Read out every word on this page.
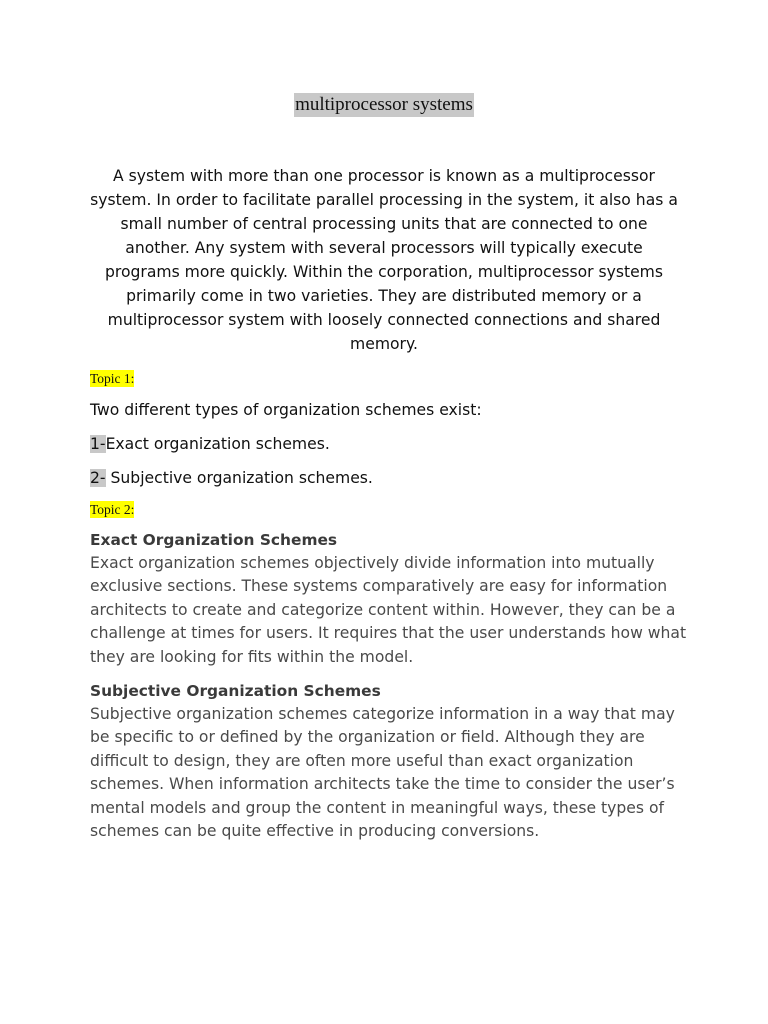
multiprocessor systems

A system with more than one processor is known as a multiprocessor system. In order to facilitate parallel processing in the system, it also has a small number of central processing units that are connected to one another. Any system with several processors will typically execute programs more quickly. Within the corporation, multiprocessor systems primarily come in two varieties. They are distributed memory or a multiprocessor system with loosely connected connections and shared memory.

Topic 1:

Two different types of organization schemes exist:

1-Exact organization schemes.

2- Subjective organization schemes.

Topic 2:

Exact Organization Schemes

Exact organization schemes objectively divide information into mutually exclusive sections. These systems comparatively are easy for information architects to create and categorize content within. However, they can be a challenge at times for users. It requires that the user understands how what they are looking for fits within the model.

Subjective Organization Schemes

Subjective organization schemes categorize information in a way that may be specific to or defined by the organization or field. Although they are difficult to design, they are often more useful than exact organization schemes. When information architects take the time to consider the user’s mental models and group the content in meaningful ways, these types of schemes can be quite effective in producing conversions.
